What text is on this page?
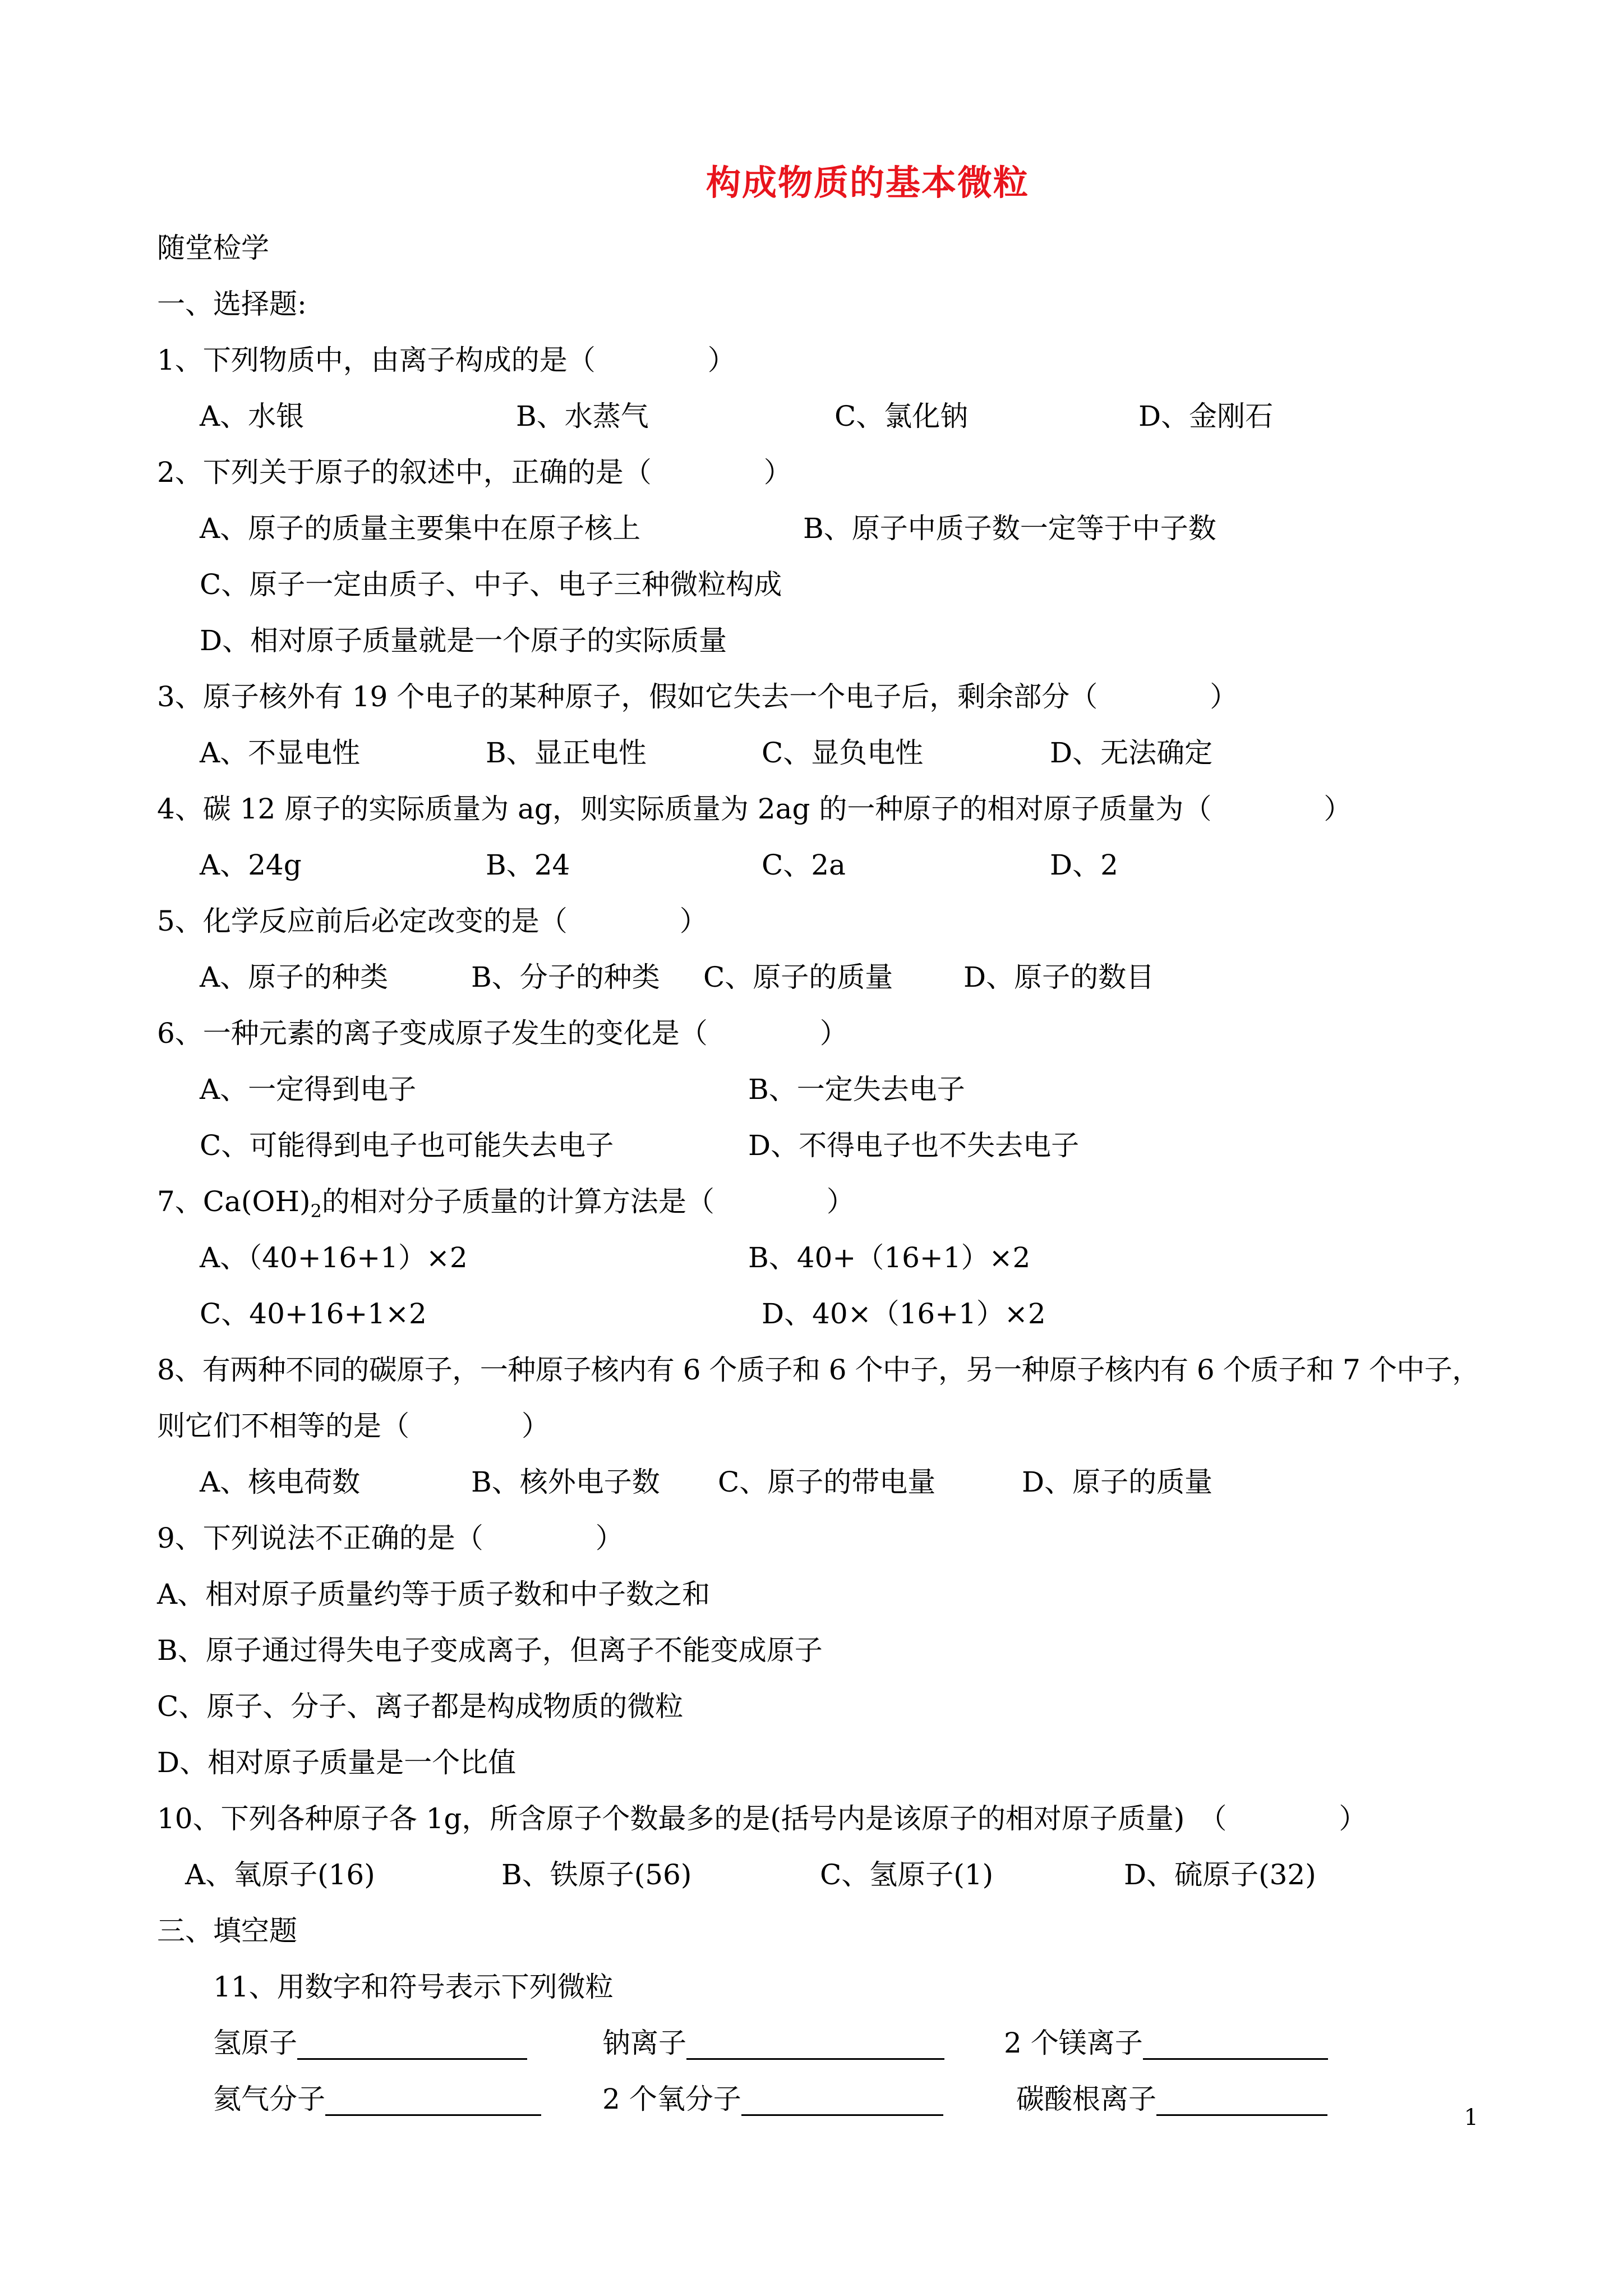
构成物质的基本微粒
随堂检学
一、选择题:
1、下列物质中，由离子构成的是（　　　　）
A、水银	B、水蒸气	C、氯化钠	D、金刚石
2、下列关于原子的叙述中，正确的是（　　　　）
A、原子的质量主要集中在原子核上	B、原子中质子数一定等于中子数
C、原子一定由质子、中子、电子三种微粒构成
D、相对原子质量就是一个原子的实际质量
3、原子核外有 19 个电子的某种原子，假如它失去一个电子后，剩余部分（　　　　）
A、不显电性	B、显正电性	C、显负电性	D、无法确定
4、碳 12 原子的实际质量为 ag，则实际质量为 2ag 的一种原子的相对原子质量为（　　　　）
A、24g	B、24	C、2a	D、2
5、化学反应前后必定改变的是（　　　　）
A、原子的种类	B、分子的种类 C、原子的质量	D、原子的数目
6、一种元素的离子变成原子发生的变化是（　　　　）
A、一定得到电子	B、一定失去电子
C、可能得到电子也可能失去电子	D、不得电子也不失去电子
7、$Ca(OH)_2$的相对分子质量的计算方法是（　　　　）
A、（40+16+1）×2	B、40+（16+1）×2
C、40+16+1×2	D、40×（16+1）×2
8、有两种不同的碳原子，一种原子核内有 6 个质子和 6 个中子，另一种原子核内有 6 个质子和 7 个中子，
则它们不相等的是（　　　　）
A、核电荷数	B、核外电子数 C、原子的带电量	D、原子的质量
9、下列说法不正确的是（　　　　）
A、相对原子质量约等于质子数和中子数之和
B、原子通过得失电子变成离子，但离子不能变成原子
C、原子、分子、离子都是构成物质的微粒
D、相对原子质量是一个比值
10、下列各种原子各 1g，所含原子个数最多的是(括号内是该原子的相对原子质量)　（　　　　）
A、氧原子(16)	B、铁原子(56)	C、氢原子(1)	D、硫原子(32)
三、填空题
11、用数字和符号表示下列微粒
氢原子	钠离子	2 个镁离子
氦气分子	2 个氧分子	碳酸根离子
1
